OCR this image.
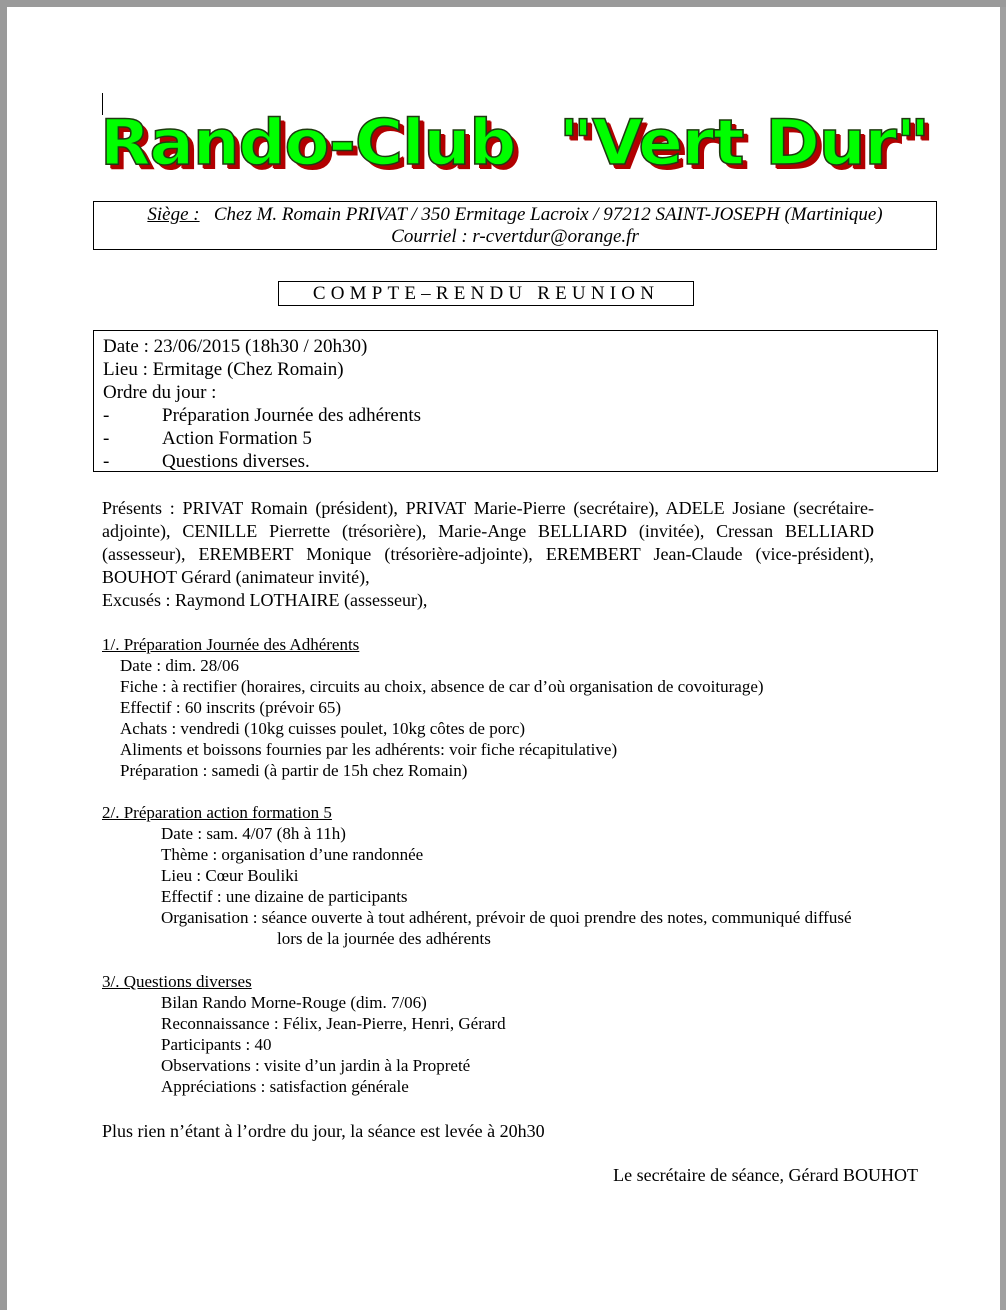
Rando-Club  "Vert Dur"
Siège : Chez M. Romain PRIVAT / 350 Ermitage Lacroix / 97212 SAINT-JOSEPH (Martinique)
Courriel : r-cvertdur@orange.fr
COMPTE–RENDU REUNION
Date : 23/06/2015 (18h30 / 20h30)
Lieu : Ermitage (Chez Romain)
Ordre du jour :
-	Préparation Journée des adhérents
-	Action Formation 5
-	Questions diverses.
Présents : PRIVAT Romain (président), PRIVAT Marie-Pierre (secrétaire), ADELE Josiane (secrétaire-adjointe), CENILLE Pierrette (trésorière), Marie-Ange BELLIARD (invitée), Cressan BELLIARD (assesseur), EREMBERT Monique (trésorière-adjointe), EREMBERT Jean-Claude (vice-président), BOUHOT Gérard (animateur invité),
Excusés : Raymond LOTHAIRE (assesseur),
1/. Préparation Journée des Adhérents
Date : dim. 28/06
Fiche : à rectifier (horaires, circuits au choix, absence de car d’où organisation de covoiturage)
Effectif : 60 inscrits (prévoir 65)
Achats : vendredi (10kg cuisses poulet, 10kg côtes de porc)
Aliments et boissons fournies par les adhérents: voir fiche récapitulative)
Préparation : samedi (à partir de 15h chez Romain)
2/. Préparation action formation 5
Date : sam. 4/07 (8h à 11h)
Thème : organisation d’une randonnée
Lieu : Cœur Bouliki
Effectif : une dizaine de participants
Organisation : séance ouverte à tout adhérent, prévoir de quoi prendre des notes, communiqué diffusé
lors de la journée des adhérents
3/. Questions diverses
Bilan Rando Morne-Rouge (dim. 7/06)
Reconnaissance : Félix, Jean-Pierre, Henri, Gérard
Participants : 40
Observations : visite d’un jardin à la Propreté
Appréciations : satisfaction générale
Plus rien n’étant à l’ordre du jour, la séance est levée à 20h30
Le secrétaire de séance, Gérard BOUHOT
